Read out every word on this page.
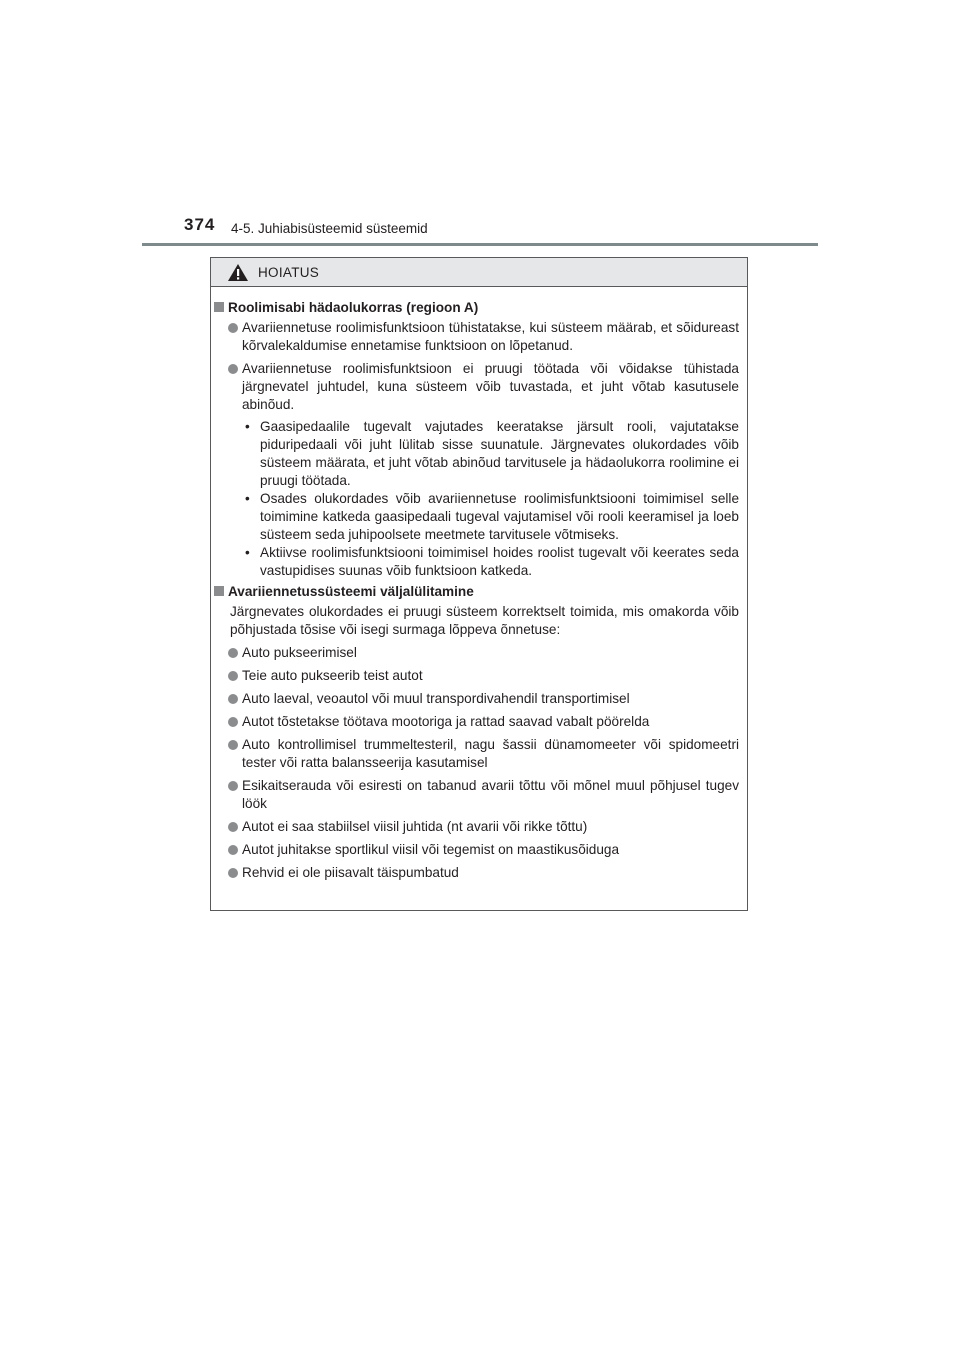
374 4-5. Juhiabisüsteemid süsteemid
HOIATUS
Roolimisabi hädaolukorras (regioon A)
Avariiennetuse roolimisfunktsioon tühistatakse, kui süsteem määrab, et sõidureast kõrvalekaldumise ennetamise funktsioon on lõpetanud.
Avariiennetuse roolimisfunktsioon ei pruugi töötada või võidakse tühistada järgnevatel juhtudel, kuna süsteem võib tuvastada, et juht võtab kasutusele abinõud.
• Gaasipedaalile tugevalt vajutades keeratakse järsult rooli, vajutatakse piduripedaali või juht lülitab sisse suunatule. Järgnevates olukordades võib süsteem määrata, et juht võtab abinõud tarvitusele ja hädaolukorra roolimine ei pruugi töötada.
• Osades olukordades võib avariiennetuse roolimisfunktsiooni toimimisel selle toimimine katkeda gaasipedaali tugeval vajutamisel või rooli keeramisel ja loeb süsteem seda juhipoolsete meetmete tarvitusele võtmiseks.
• Aktiivse roolimisfunktsiooni toimimisel hoides roolist tugevalt või keerates seda vastupidises suunas võib funktsioon katkeda.
Avariiennetussüsteemi väljalülitamine
Järgnevates olukordades ei pruugi süsteem korrektselt toimida, mis omakorda võib põhjustada tõsise või isegi surmaga lõppeva õnnetuse:
Auto pukseerimisel
Teie auto pukseerib teist autot
Auto laeval, veoautol või muul transpordivahendil transportimisel
Autot tõstetakse töötava mootoriga ja rattad saavad vabalt pöörelda
Auto kontrollimisel trummeltesteril, nagu šassii dünamomeeter või spidomeetri tester või ratta balansseerija kasutamisel
Esikaitserauda või esiresti on tabanud avarii tõttu või mõnel muul põhjusel tugev löök
Autot ei saa stabiilsel viisil juhtida (nt avarii või rikke tõttu)
Autot juhitakse sportlikul viisil või tegemist on maastikusõiduga
Rehvid ei ole piisavalt täispumbatud
